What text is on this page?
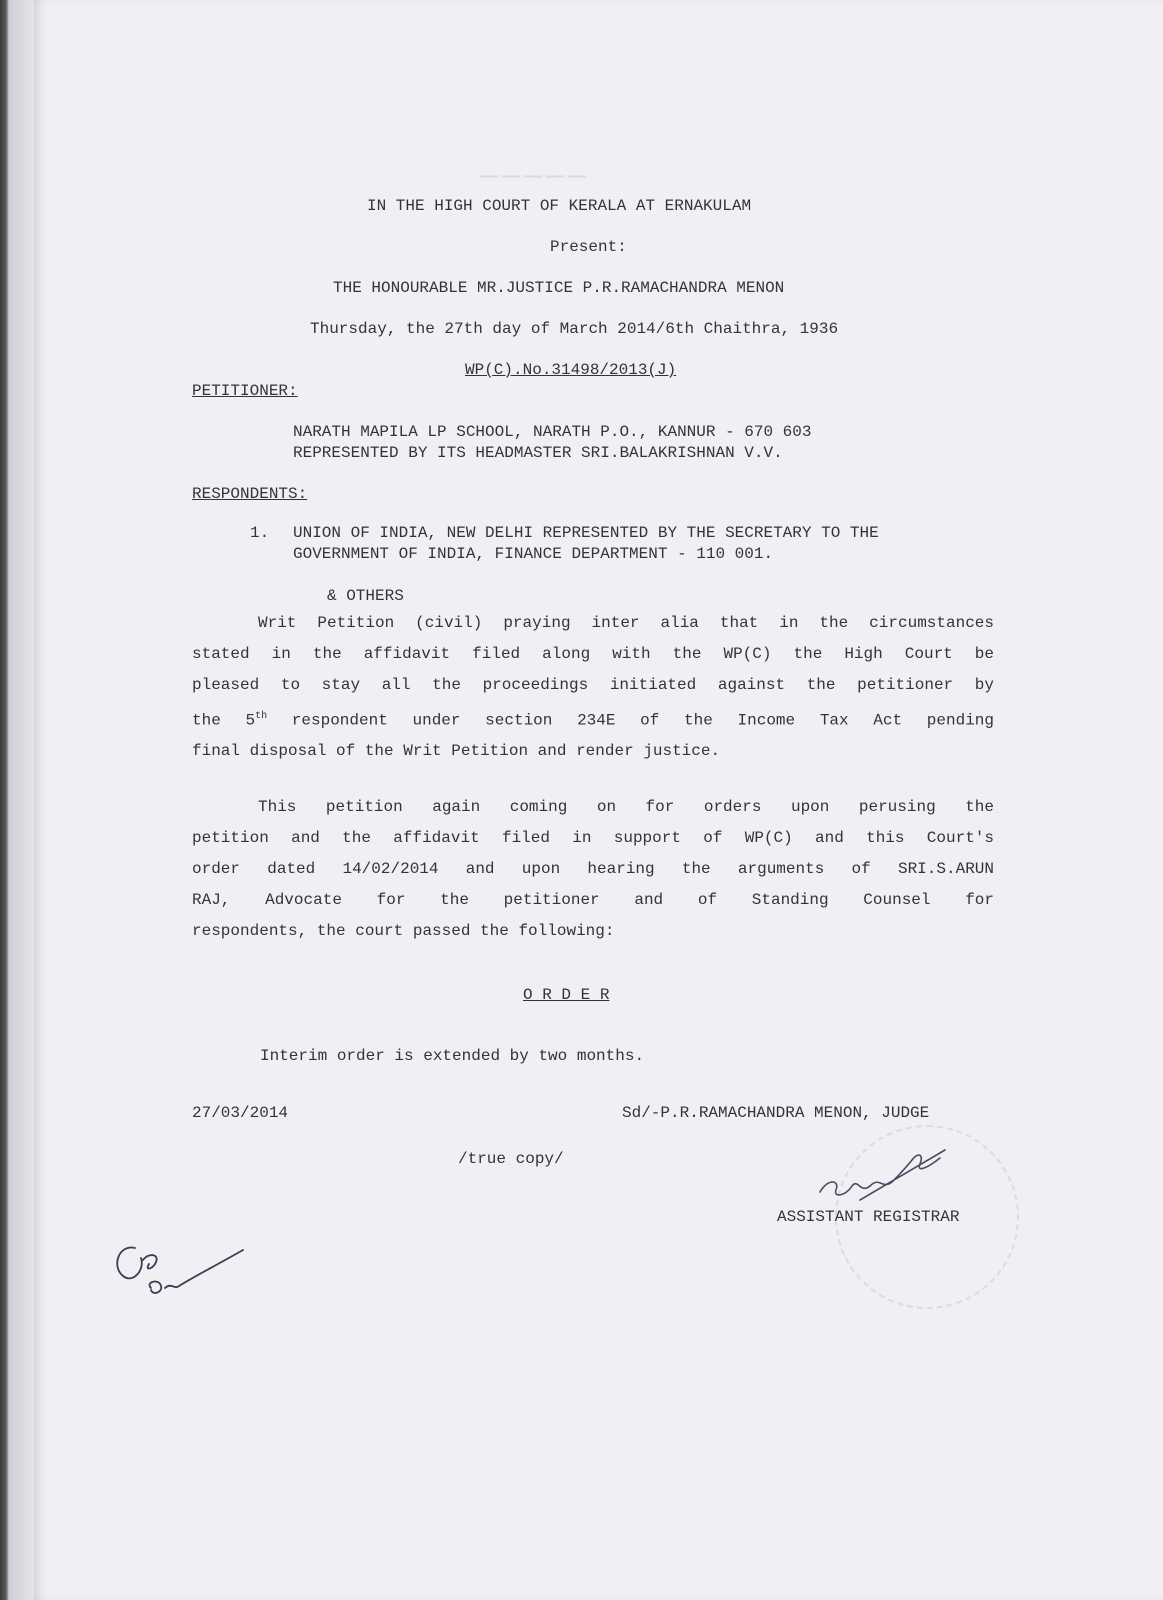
—————
IN THE HIGH COURT OF KERALA AT ERNAKULAM
Present:
THE HONOURABLE MR.JUSTICE P.R.RAMACHANDRA MENON
Thursday, the 27th day of March 2014/6th Chaithra, 1936
WP(C).No.31498/2013(J)
PETITIONER:
NARATH MAPILA LP SCHOOL, NARATH P.O., KANNUR - 670 603
REPRESENTED BY ITS HEADMASTER SRI.BALAKRISHNAN V.V.
RESPONDENTS:
1. UNION OF INDIA, NEW DELHI REPRESENTED BY THE SECRETARY TO THE
GOVERNMENT OF INDIA, FINANCE DEPARTMENT - 110 001.
& OTHERS
Writ Petition (civil) praying inter alia that in the circumstances
stated in the affidavit filed along with the WP(C) the High Court be
pleased to stay all the proceedings initiated against the petitioner by
the 5th respondent under section 234E of the Income Tax Act pending
final disposal of the Writ Petition and render justice.
This petition again coming on for orders upon perusing the
petition and the affidavit filed in support of WP(C) and this Court's
order dated 14/02/2014 and upon hearing the arguments of SRI.S.ARUN
RAJ, Advocate for the petitioner and of Standing Counsel for
respondents, the court passed the following:
O R D E R
Interim order is extended by two months.
27/03/2014	Sd/-P.R.RAMACHANDRA MENON, JUDGE
/true copy/
ASSISTANT REGISTRAR
